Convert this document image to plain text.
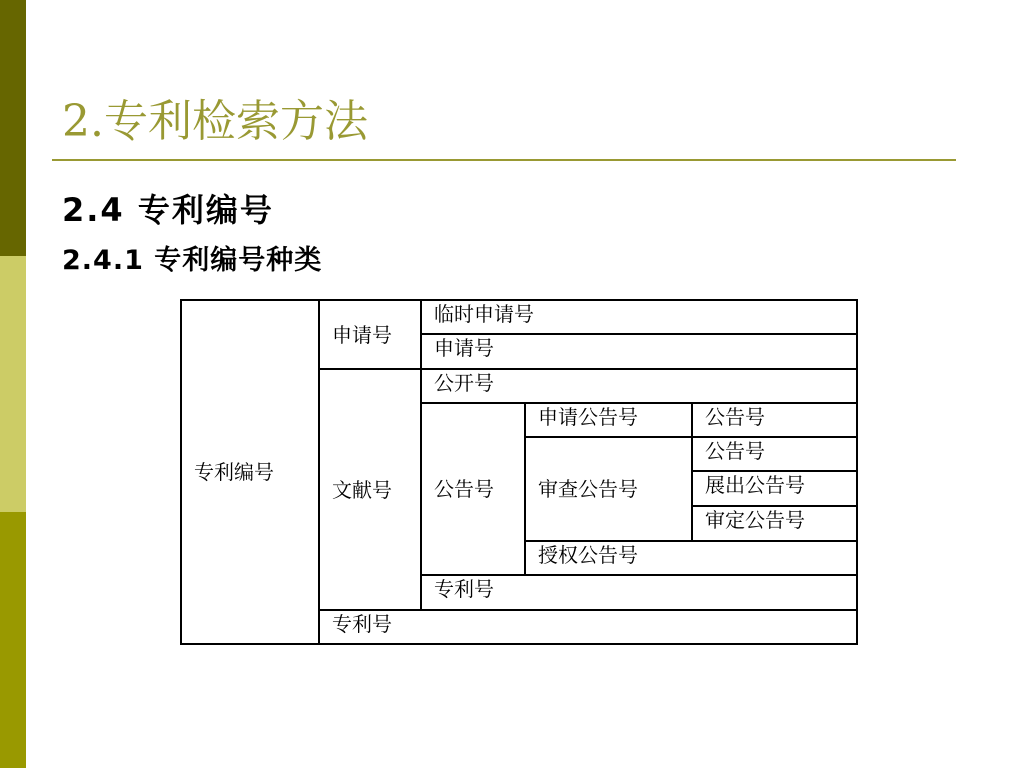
2.专利检索方法
2.4 专利编号
2.4.1 专利编号种类
专利编号
申请号
文献号
临时申请号
申请号
公开号
公告号
申请公告号
审查公告号
公告号
公告号
展出公告号
审定公告号
授权公告号
专利号
专利号
